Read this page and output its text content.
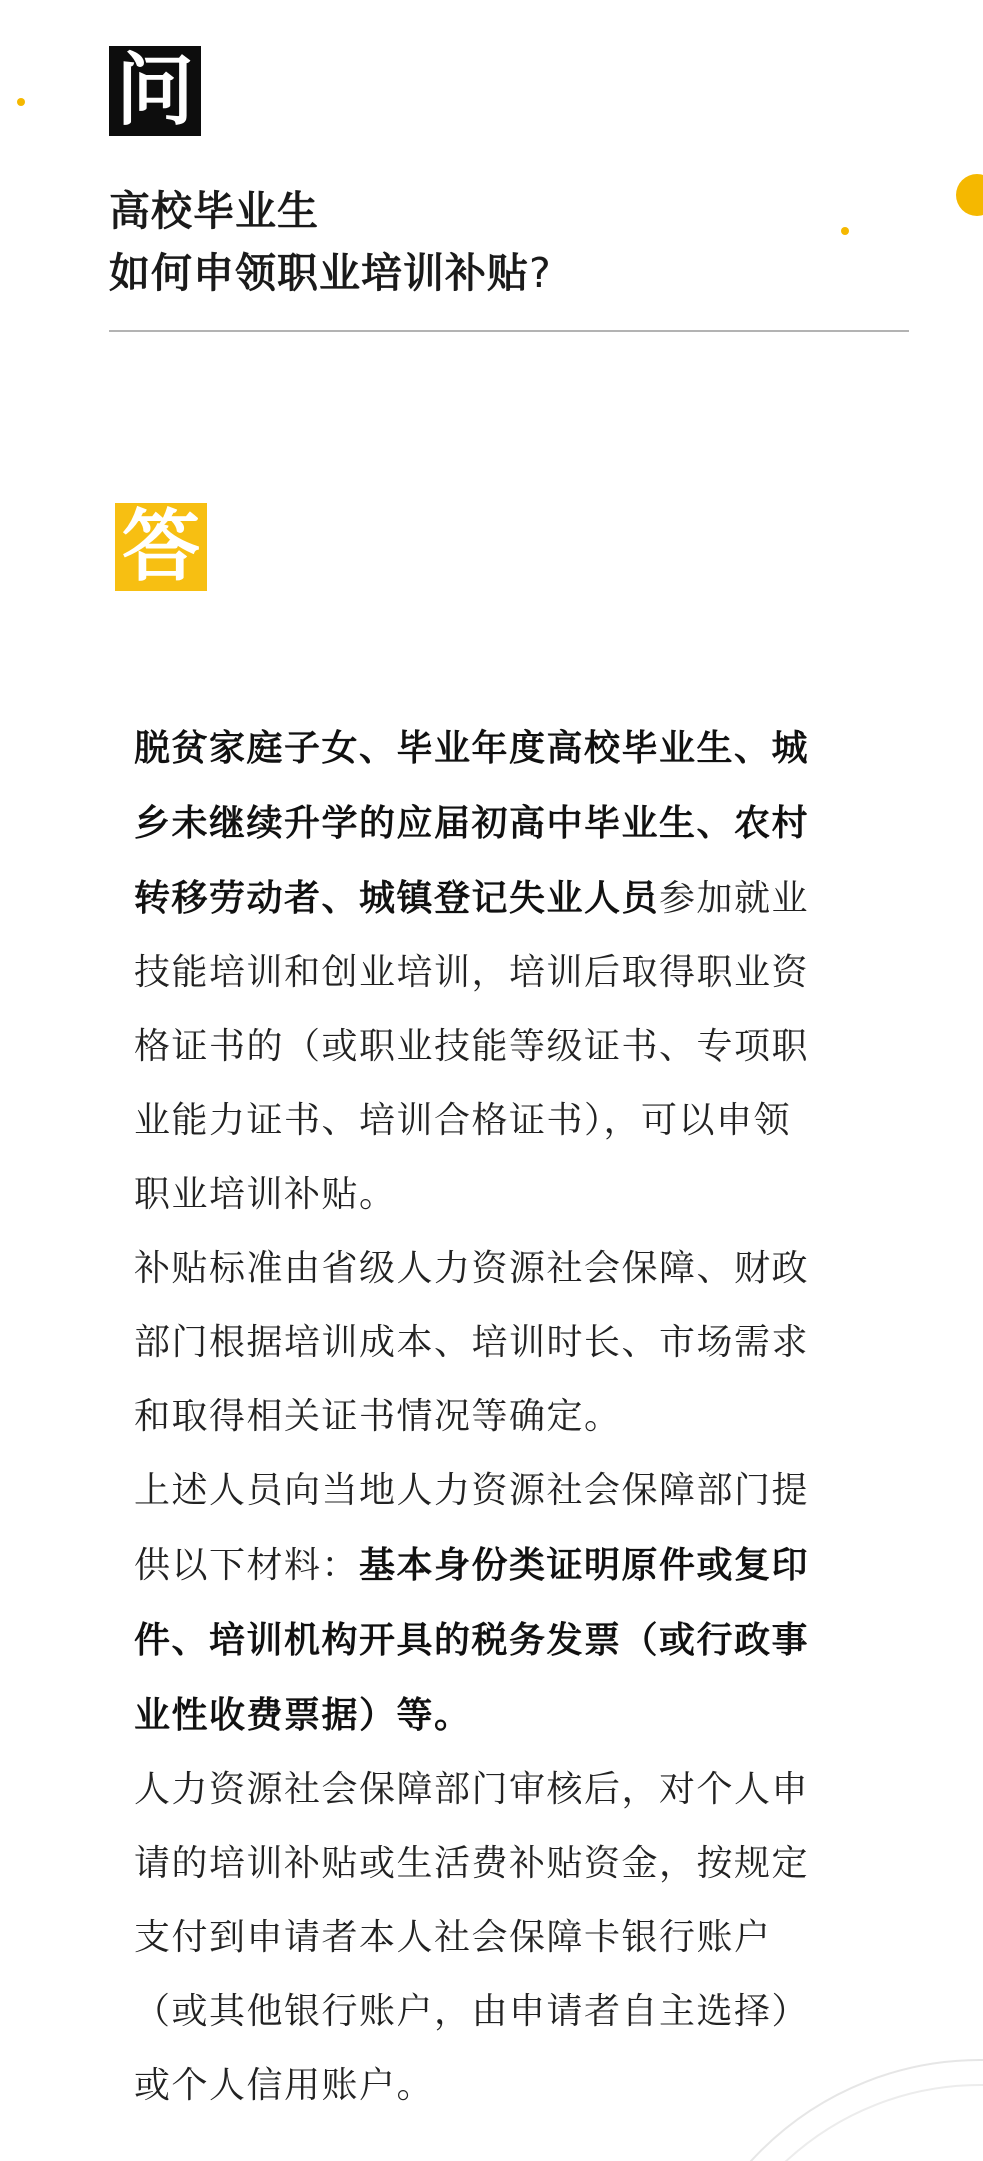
问
高校毕业生
如何申领职业培训补贴?
答

脱贫家庭子女、毕业年度高校毕业生、城乡未继续升学的应届初高中毕业生、农村转移劳动者、城镇登记失业人员参加就业技能培训和创业培训，培训后取得职业资格证书的（或职业技能等级证书、专项职业能力证书、培训合格证书），可以申领职业培训补贴。

补贴标准由省级人力资源社会保障、财政部门根据培训成本、培训时长、市场需求和取得相关证书情况等确定。

上述人员向当地人力资源社会保障部门提供以下材料：基本身份类证明原件或复印件、培训机构开具的税务发票（或行政事业性收费票据）等。

人力资源社会保障部门审核后，对个人申请的培训补贴或生活费补贴资金，按规定支付到申请者本人社会保障卡银行账户（或其他银行账户，由申请者自主选择）或个人信用账户。
